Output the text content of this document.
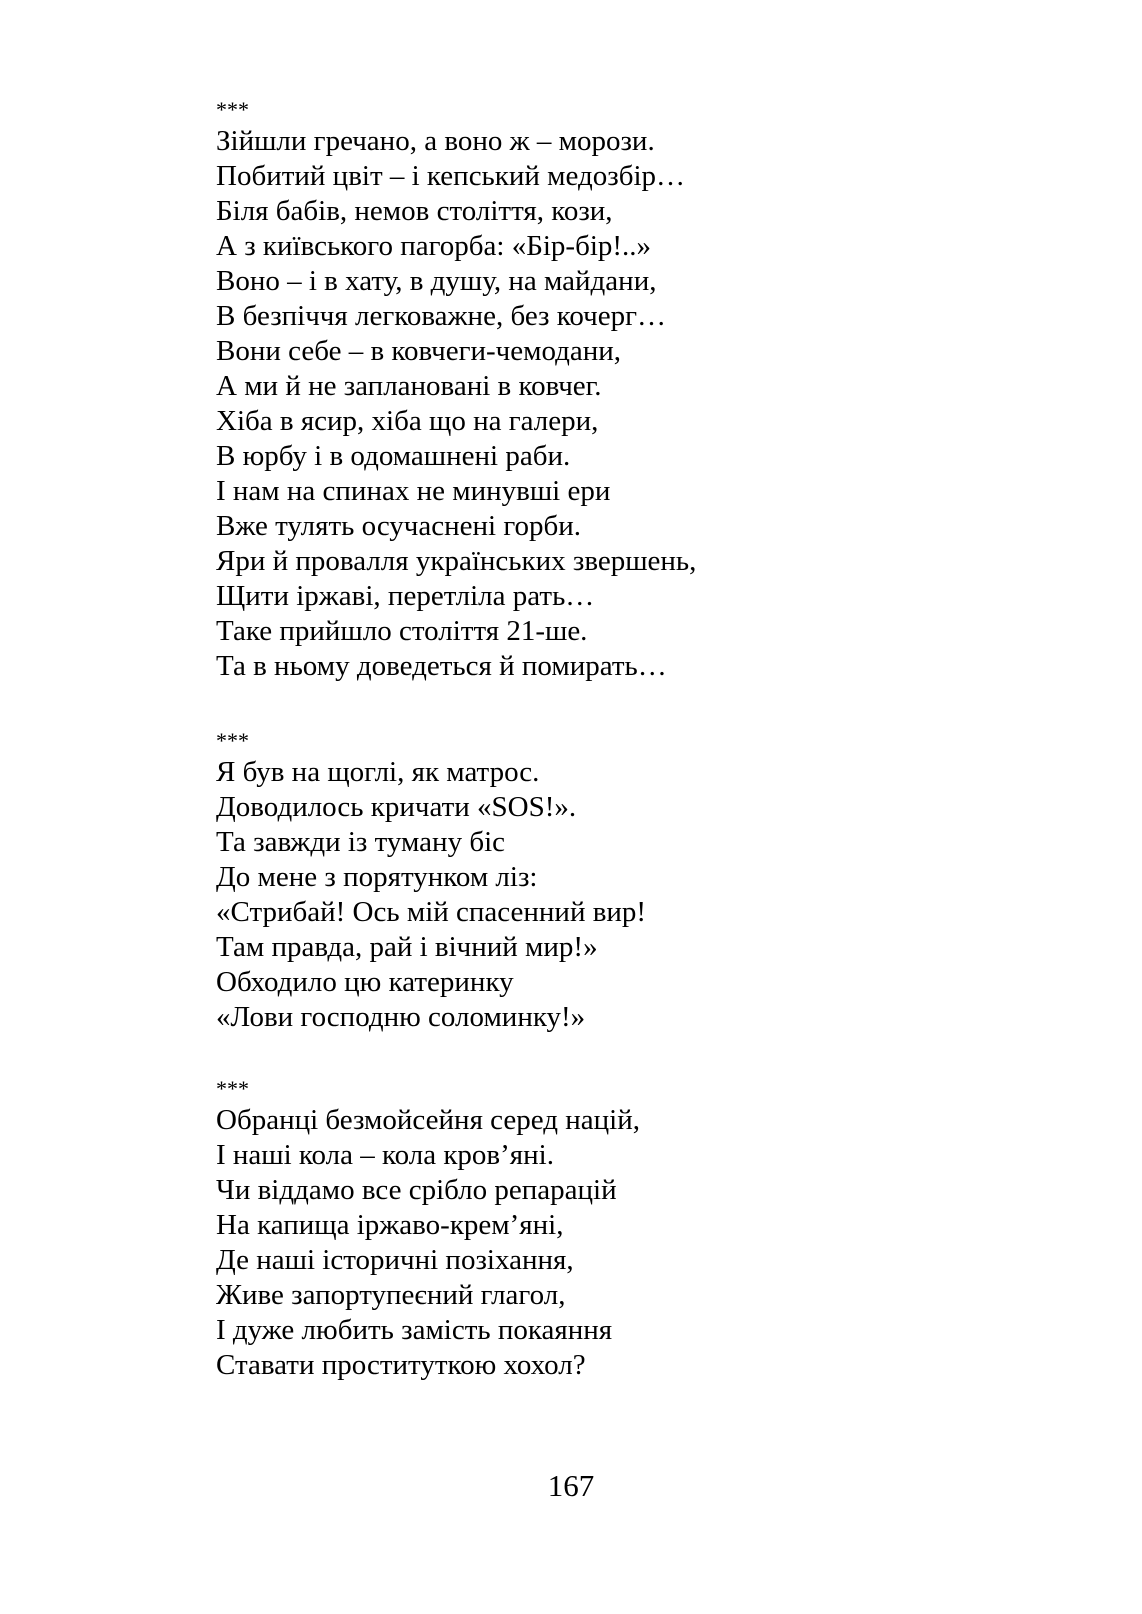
***
Зійшли гречано, а воно ж – морози.
Побитий цвіт – і кепський медозбір…
Біля бабів, немов століття, кози,
А з київського пагорба: «Бір-бір!..»
Воно – і в хату, в душу, на майдани,
В безпіччя легковажне, без кочерг…
Вони себе – в ковчеги-чемодани,
А ми й не заплановані в ковчег.
Хіба в ясир, хіба що на галери,
В юрбу і в одомашнені раби.
І нам на спинах не минувші ери
Вже тулять осучаснені горби.
Яри й провалля українських звершень,
Щити іржаві, перетліла рать…
Таке прийшло століття 21-ше.
Та в ньому доведеться й помирать…
***
Я був на щоглі, як матрос.
Доводилось кричати «SOS!».
Та завжди із туману біс
До мене з порятунком ліз:
«Стрибай! Ось мій спасенний вир!
Там правда, рай і вічний мир!»
Обходило цю катеринку
«Лови господню соломинку!»
***
Обранці безмойсейня серед націй,
І наші кола – кола кров’яні.
Чи віддамо все срібло репарацій
На капища іржаво-крем’яні,
Де наші історичні позіхання,
Живе запортупеєний глагол,
І дуже любить замість покаяння
Ставати проституткою хохол?
167
